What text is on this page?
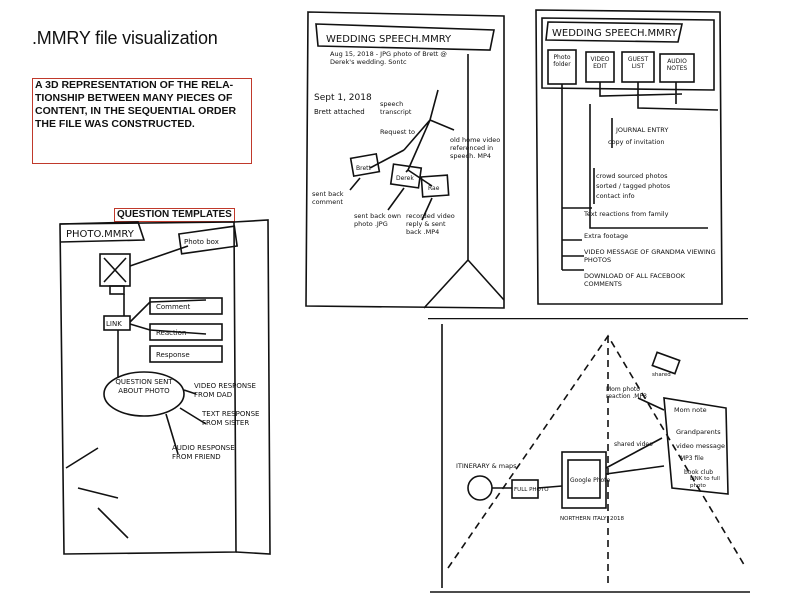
.MMRY file visualization
A 3D REPRESENTATION OF THE RELA-TIONSHIP BETWEEN MANY PIECES OF CONTENT, IN THE SEQUENTIAL ORDER THE FILE WAS CONSTRUCTED.
QUESTION TEMPLATES
PHOTO.MMRY
Photo box
LINK
Comment
Reaction
Response
QUESTION SENT ABOUT PHOTO
VIDEO RESPONSE FROM DAD
TEXT RESPONSE FROM SISTER
AUDIO RESPONSE FROM FRIEND
WEDDING SPEECH.MMRY
Aug 15, 2018 - JPG photo of Brett @ Derek's wedding. Sontc
Sept 1, 2018
Brett attached
speech transcript
Request to
old home video referenced in speech. MP4
Brett
Derek
Rae
sent back comment
sent back own photo .JPG
recorded video reply & sent back .MP4
WEDDING SPEECH.MMRY
Photo folder
VIDEO EDIT
GUEST LIST
AUDIO NOTES
JOURNAL ENTRY
copy of invitation
crowd sourced photos
sorted / tagged photos
contact info
Text reactions from family
Extra footage
VIDEO MESSAGE OF GRANDMA VIEWING PHOTOS
DOWNLOAD OF ALL FACEBOOK COMMENTS
ITINERARY & maps
FULL PHOTO
Google Photo
NORTHERN ITALY, 2018
shared video
Mom photo reaction .MP3
Mom note
Grandparents
video message
MP3 file
book club
LINK to full photo
shared
